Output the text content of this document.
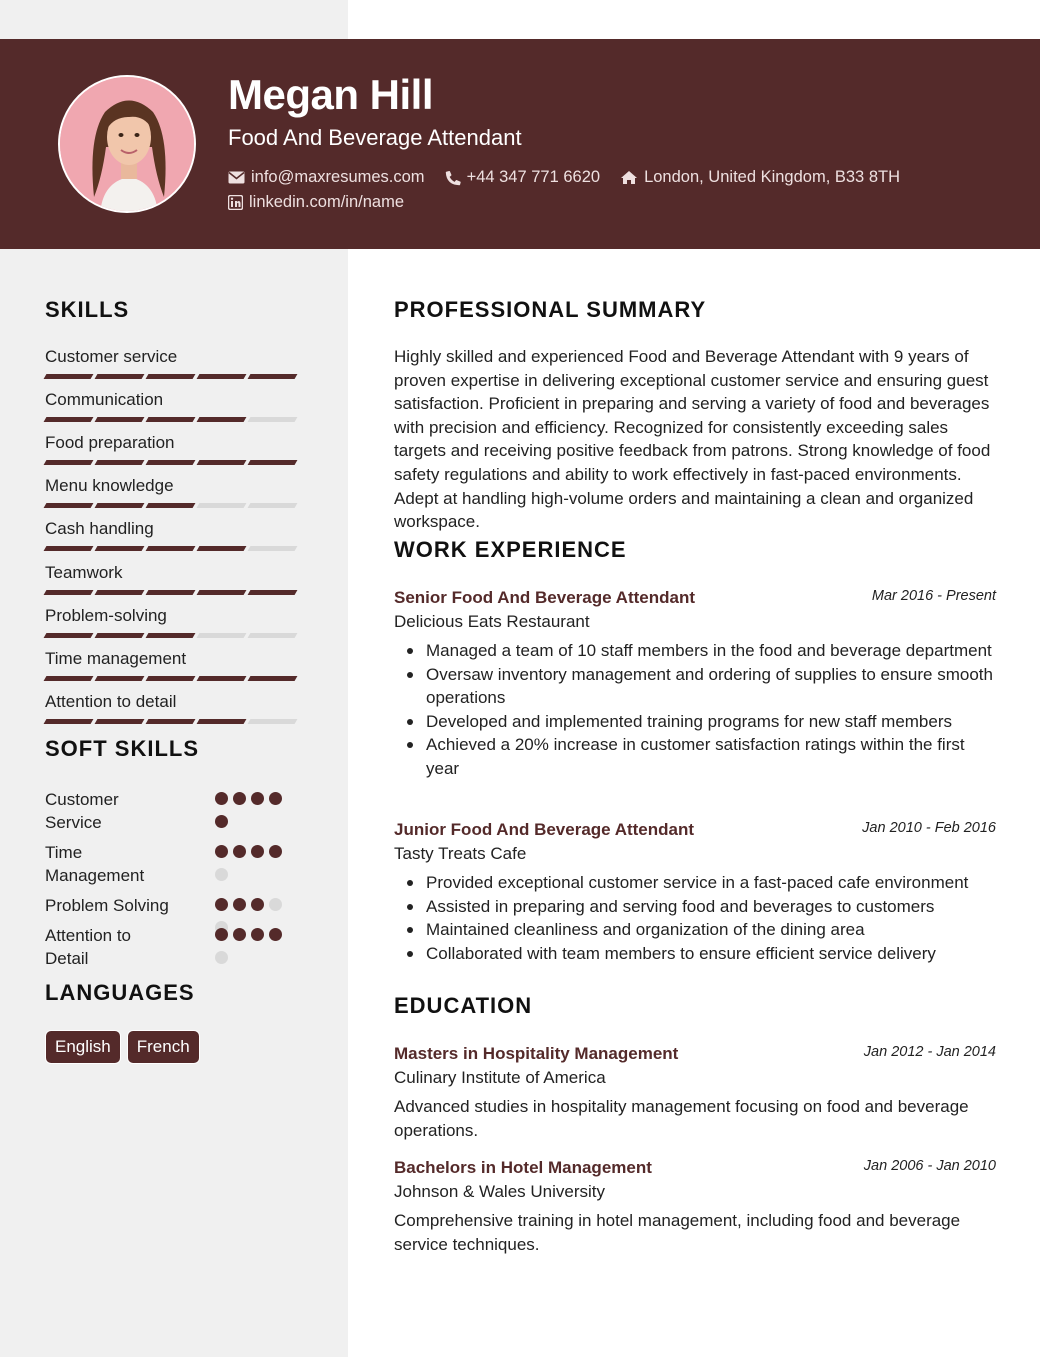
Megan Hill
Food And Beverage Attendant
info@maxresumes.com	+44 347 771 6620	London, United Kingdom, B33 8TH
linkedin.com/in/name
SKILLS
Customer service
Communication
Food preparation
Menu knowledge
Cash handling
Teamwork
Problem-solving
Time management
Attention to detail
SOFT SKILLS
Customer Service
Time Management
Problem Solving
Attention to Detail
LANGUAGES
English	French
PROFESSIONAL SUMMARY
Highly skilled and experienced Food and Beverage Attendant with 9 years of proven expertise in delivering exceptional customer service and ensuring guest satisfaction. Proficient in preparing and serving a variety of food and beverages with precision and efficiency. Recognized for consistently exceeding sales targets and receiving positive feedback from patrons. Strong knowledge of food safety regulations and ability to work effectively in fast-paced environments. Adept at handling high-volume orders and maintaining a clean and organized workspace.
WORK EXPERIENCE
Senior Food And Beverage Attendant	Mar 2016 - Present
Delicious Eats Restaurant
Managed a team of 10 staff members in the food and beverage department
Oversaw inventory management and ordering of supplies to ensure smooth operations
Developed and implemented training programs for new staff members
Achieved a 20% increase in customer satisfaction ratings within the first year
Junior Food And Beverage Attendant	Jan 2010 - Feb 2016
Tasty Treats Cafe
Provided exceptional customer service in a fast-paced cafe environment
Assisted in preparing and serving food and beverages to customers
Maintained cleanliness and organization of the dining area
Collaborated with team members to ensure efficient service delivery
EDUCATION
Masters in Hospitality Management	Jan 2012 - Jan 2014
Culinary Institute of America
Advanced studies in hospitality management focusing on food and beverage operations.
Bachelors in Hotel Management	Jan 2006 - Jan 2010
Johnson & Wales University
Comprehensive training in hotel management, including food and beverage service techniques.
